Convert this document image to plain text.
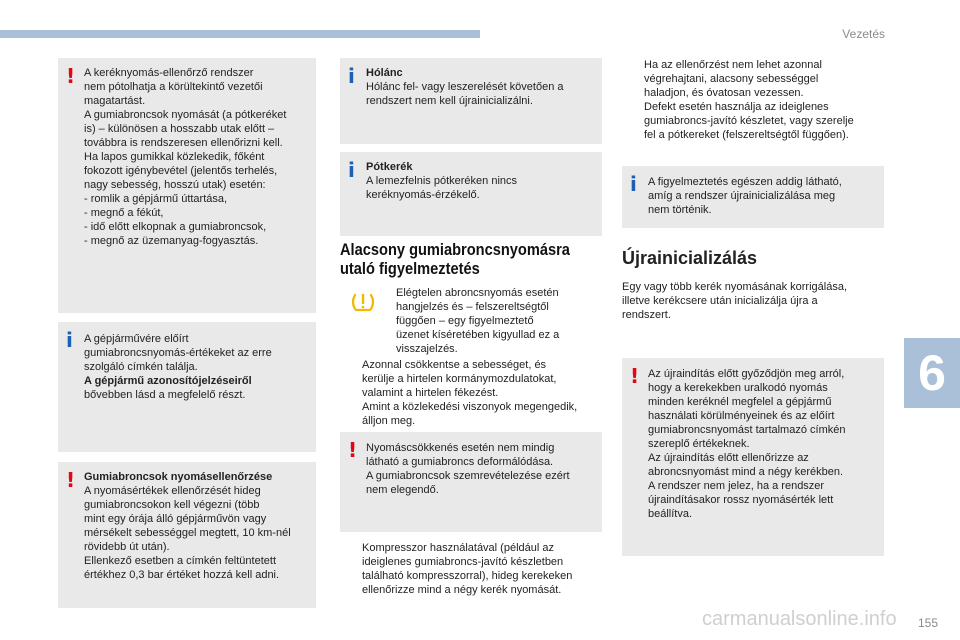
Vezetés
! A keréknyomás-ellenőrző rendszer

nem pótolhatja a körültekintő vezetői

magatartást.

A gumiabroncsok nyomását (a pótkeréket

is) – különösen a hosszabb utak előtt –

továbbra is rendszeresen ellenőrizni kell.

Ha lapos gumikkal közlekedik, főként

fokozott igénybevétel (jelentős terhelés,

nagy sebesség, hosszú utak) esetén:

- romlik a gépjármű úttartása,

- megnő a fékút,

- idő előtt elkopnak a gumiabroncsok,

- megnő az üzemanyag-fogyasztás.

i A gépjárművére előírt

gumiabroncsnyomás-értékeket az erre

szolgáló címkén találja.

A gépjármű azonosítójelzéseiről

bővebben lásd a megfelelő részt.

! Gumiabroncsok nyomásellenőrzése

A nyomásértékek ellenőrzését hideg

gumiabroncsokon kell végezni (több

mint egy órája álló gépjárművön vagy

mérsékelt sebességgel megtett, 10 km-nél

rövidebb út után).

Ellenkező esetben a címkén feltüntetett

értékhez 0,3 bar értéket hozzá kell adni.

i Hólánc

Hólánc fel- vagy leszerelését követően a

rendszert nem kell újrainicializálni.

i Pótkerék

A lemezfelnis pótkeréken nincs

keréknyomás-érzékelő.

Alacsony gumiabroncsnyomásra
utaló figyelmeztetés

Elégtelen abroncsnyomás esetén

hangjelzés és – felszereltségtől

függően – egy figyelmeztető

üzenet kíséretében kigyullad ez a

visszajelzés.

Azonnal csökkentse a sebességet, és

kerülje a hirtelen kormánymozdulatokat,

valamint a hirtelen fékezést.

Amint a közlekedési viszonyok megengedik,

álljon meg.

! Nyomáscsökkenés esetén nem mindig

látható a gumiabroncs deformálódása.

A gumiabroncsok szemrevételezése ezért

nem elegendő.

Kompresszor használatával (például az

ideiglenes gumiabroncs-javító készletben

található kompresszorral), hideg kerekeken

ellenőrizze mind a négy kerék nyomását.

Ha az ellenőrzést nem lehet azonnal

végrehajtani, alacsony sebességgel

haladjon, és óvatosan vezessen.

Defekt esetén használja az ideiglenes

gumiabroncs-javító készletet, vagy szerelje

fel a pótkereket (felszereltségtől függően).

i A figyelmeztetés egészen addig látható,

amíg a rendszer újrainicializálása meg

nem történik.

Újrainicializálás

Egy vagy több kerék nyomásának korrigálása,

illetve kerékcsere után inicializálja újra a

rendszert.

! Az újraindítás előtt győződjön meg arról,

hogy a kerekekben uralkodó nyomás

minden keréknél megfelel a gépjármű

használati körülményeinek és az előírt

gumiabroncsnyomást tartalmazó címkén

szereplő értékeknek.

Az újraindítás előtt ellenőrizze az

abroncsnyomást mind a négy kerékben.

A rendszer nem jelez, ha a rendszer

újraindításakor rossz nyomásérték lett

beállítva.

6
carmanualsonline.info 155
